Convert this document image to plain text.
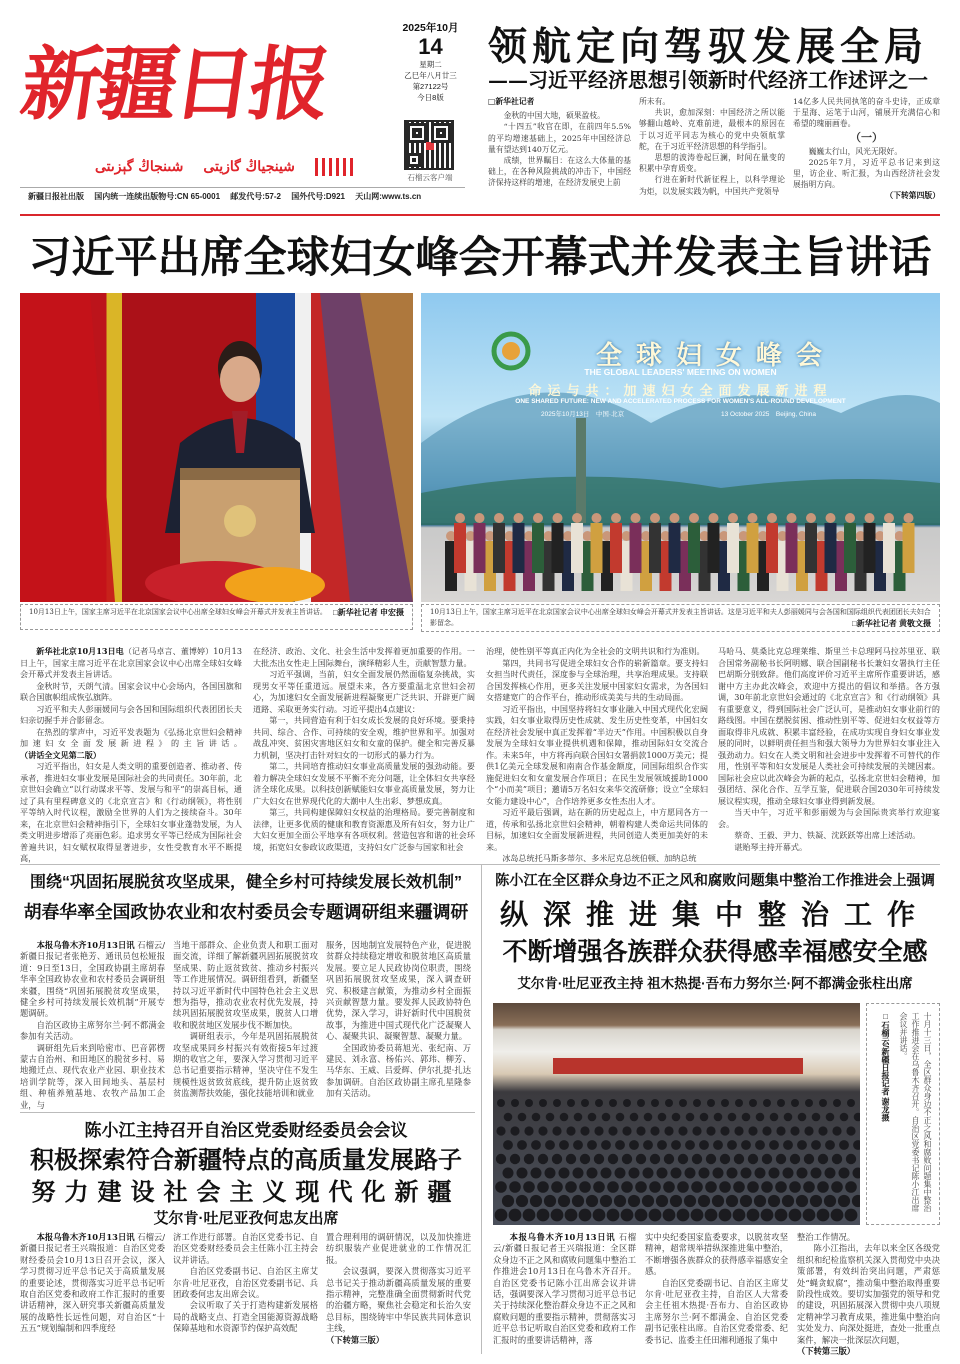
新疆日报
شىنجاڭ گېزىتى شينجياڭ گازيتى
2025年10月
14
星期二
乙巳年八月廿三
第27122号
今日8版
石榴云客户端
新疆日报社出版 国内统一连续出版物号:CN 65-0001 邮发代号:57-2 国外代号:D921 天山网:www.ts.cn
领航定向驾驭发展全局
——习近平经济思想引领新时代经济工作述评之一

□新华社记者

金秋的中国大地，硕果盈枝。

“十四五”收官在即，在前四年5.5%的平均增速基础上，2025年中国经济总量有望达到140万亿元。

成绩，世界瞩目：在这么大体量的基础上，在各种风险挑战的冲击下，中国经济保持这样的增速，在经济发展史上前

所未有。

共识，愈加深刻：中国经济之所以能够翻山越岭、克难前进，最根本的原因在于以习近平同志为核心的党中央领航掌舵，在于习近平经济思想的科学指引。

思想的波涛卷起巨澜，时间在量变的积累中孕育质变。

行进在新时代新征程上，以科学理论为炬，以发展实践为帆，中国共产党领导

14亿多人民共同执笔的奋斗史诗，正成章于星海、运笔于山河，铺展开充满信心和希望的瑰丽画卷。

（一）

巍巍太行山，风光无限好。

2025年7月，习近平总书记来到这里，访企业、听汇报，为山西经济社会发展指明方向。

（下转第四版）

习近平出席全球妇女峰会开幕式并发表主旨讲话
10月13日上午，国家主席习近平在北京国家会议中心出席全球妇女峰会开幕式并发表主旨讲话。 □新华社记者 申宏摄
全球妇女峰会
THE GLOBAL LEADERS' MEETING ON WOMEN
命运与共：加速妇女全面发展新进程
ONE SHARED FUTURE: NEW AND ACCELERATED PROCESS FOR WOMEN'S ALL-ROUND DEVELOPMENT
2025年10月13日　中国·北京	13 October 2025　Beijing, China
10月13日上午，国家主席习近平在北京国家会议中心出席全球妇女峰会开幕式并发表主旨讲话。这是习近平和夫人彭丽媛同与会各国和国际组织代表团团长夫妇合影留念。	□新华社记者 黄敬文摄

新华社北京10月13日电（记者马卓言、董博婷）10月13日上午，国家主席习近平在北京国家会议中心出席全球妇女峰会开幕式并发表主旨讲话。

金秋时节，天朗气清。国家会议中心会场内，各国国旗和联合国旗帜组成恢弘旗阵。

习近平和夫人彭丽媛同与会各国和国际组织代表团团长夫妇亲切握手并合影留念。

在热烈的掌声中，习近平发表题为《弘扬北京世妇会精神 加速妇女全面发展新进程》的主旨讲话。（讲话全文见第二版）

习近平指出，妇女是人类文明的重要创造者、推动者、传承者，推进妇女事业发展是国际社会的共同责任。30年前，北京世妇会确立“以行动谋求平等、发展与和平”的崇高目标，通过了具有里程碑意义的《北京宣言》和《行动纲领》，将性别平等纳入时代议程，激励全世界的人们为之接续奋斗。30年来，在北京世妇会精神指引下，全球妇女事业蓬勃发展，为人类文明进步增添了亮丽色彩。追求男女平等已经成为国际社会普遍共识，妇女赋权取得显著进步，女性受教育水平不断提高，

在经济、政治、文化、社会生活中发挥着更加重要的作用。一大批杰出女性走上国际舞台，演绎精彩人生，贡献智慧力量。

习近平强调，当前，妇女全面发展仍然面临复杂挑战，实现男女平等任重道远。展望未来，各方要重温北京世妇会初心，为加速妇女全面发展新进程凝聚更广泛共识、开辟更广阔道路、采取更务实行动。习近平提出4点建议：

第一，共同营造有利于妇女成长发展的良好环境。要秉持共同、综合、合作、可持续的安全观，维护世界和平。加强对战乱冲突、贫困灾害地区妇女和女童的保护。健全和完善反暴力机制，坚决打击针对妇女的一切形式的暴力行为。

第二，共同培育推动妇女事业高质量发展的强劲动能。要着力解决全球妇女发展不平衡不充分问题，让全体妇女共享经济全球化成果。以科技创新赋能妇女事业高质量发展，努力让广大妇女在世界现代化的大潮中人生出彩、梦想成真。

第三，共同构建保障妇女权益的治理格局。要完善制度和法律，让更多优质的健康和教育资源惠及所有妇女，努力让广大妇女更加全面公平地享有各项权利。营造包容和谐的社会环境，拓宽妇女参政议政渠道，支持妇女广泛参与国家和社会

治理，使性别平等真正内化为全社会的文明共识和行为准则。

第四，共同书写促进全球妇女合作的崭新篇章。要支持妇女担当时代责任，深度参与全球治理，共享治理成果。支持联合国发挥核心作用，更多关注发展中国家妇女需求，为各国妇女搭建宽广的合作平台，推动形成美美与共的生动局面。

习近平指出，中国坚持将妇女事业融入中国式现代化宏阔实践，妇女事业取得历史性成就、发生历史性变革，中国妇女在经济社会发展中真正发挥着“半边天”作用。中国积极以自身发展为全球妇女事业提供机遇和保障，推动国际妇女交流合作。未来5年，中方将再向联合国妇女署捐款1000万美元；提供1亿美元全球发展和南南合作基金额度，同国际组织合作实施促进妇女和女童发展合作项目；在民生发展领域援助1000个“小而美”项目；邀请5万名妇女来华交流研修；设立“全球妇女能力建设中心”，合作培养更多女性杰出人才。

习近平最后强调，站在新的历史起点上，中方愿同各方一道，传承和弘扬北京世妇会精神，朝着构建人类命运共同体的目标，加速妇女全面发展新进程，共同创造人类更加美好的未来。

冰岛总统托马斯多蒂尔、多米尼克总统伯顿、加纳总统

马哈马、莫桑比克总理莱维、斯里兰卡总理阿马拉苏里亚、联合国常务副秘书长阿明娜、联合国副秘书长兼妇女署执行主任巴胡斯分别致辞。他们高度评价习近平主席所作重要讲话，感谢中方主办此次峰会，欢迎中方提出的倡议和举措。各方强调，30年前北京世妇会通过的《北京宣言》和《行动纲领》具有重要意义，得到国际社会广泛认可，是推动妇女事业前行的路线图。中国在摆脱贫困、推动性别平等、促进妇女权益等方面取得非凡成就、积累丰富经验，在成功实现自身妇女事业发展的同时，以鲜明责任担当和强大领导力为世界妇女事业注入强劲动力。妇女在人类文明和社会进步中发挥着不可替代的作用，性别平等和妇女发展是人类社会可持续发展的关键因素。国际社会应以此次峰会为新的起点，弘扬北京世妇会精神，加强团结、深化合作、互学互鉴，促进联合国2030年可持续发展议程实现，推动全球妇女事业得到新发展。

当天中午，习近平和彭丽媛为与会国际贵宾举行欢迎宴会。

蔡奇、王毅、尹力、铁凝、沈跃跃等出席上述活动。

谌贻琴主持开幕式。

围绕“巩固拓展脱贫攻坚成果，健全乡村可持续发展长效机制”
胡春华率全国政协农业和农村委员会专题调研组来疆调研

本报乌鲁木齐10月13日讯 石榴云/新疆日报记者张艳芳、通讯员包松娅报道：9日至13日，全国政协副主席胡春华率全国政协农业和农村委员会调研组来疆，围绕“巩固拓展脱贫攻坚成果，健全乡村可持续发展长效机制”开展专题调研。

自治区政协主席努尔兰·阿不都满金参加有关活动。

调研组先后来到哈密市、巴音郭楞蒙古自治州、和田地区的脱贫乡村、易地搬迁点、现代农业产业园、职业技术培训学院等，深入田间地头、基层村组、种植养殖基地、农牧产品加工企业，与

当地干部群众、企业负责人和职工面对面交流，详细了解新疆巩固拓展脱贫攻坚成果、防止返贫致贫、推动乡村振兴等工作进展情况。调研组看到，新疆坚持以习近平新时代中国特色社会主义思想为指导，推动农业农村优先发展，持续巩固拓展脱贫攻坚成果，脱贫人口增收和脱贫地区发展步伐不断加快。

调研组表示，今年是巩固拓展脱贫攻坚成果同乡村振兴有效衔接5年过渡期的收官之年，要深入学习贯彻习近平总书记重要指示精神，坚决守住不发生规模性返贫致贫底线，提升防止返贫致贫监测帮扶效能，强化技能培训和就业

服务，因地制宜发展特色产业，促进脱贫群众持续稳定增收和脱贫地区高质量发展。要立足人民政协岗位职责，围绕巩固拓展脱贫攻坚成果，深入调查研究、积极建言献策，为推动乡村全面振兴贡献智慧力量。要发挥人民政协特色优势，深入学习，讲好新时代中国脱贫故事，为推进中国式现代化广泛凝聚人心、凝聚共识、凝聚智慧、凝聚力量。

全国政协委员蒋旭光、张纪南、万建民、刘永富、杨佑兴、郭玮、柳芳、马华东、王威、吕爱辉、伊尔扎提·扎达参加调研。自治区政协副主席孔星隆参加有关活动。

陈小江主持召开自治区党委财经委员会会议
积极探索符合新疆特点的高质量发展路子
努力建设社会主义现代化新疆
艾尔肯·吐尼亚孜何忠友出席

本报乌鲁木齐10月13日讯 石榴云/新疆日报记者王兴瑞报道：自治区党委财经委员会10月13日召开会议，深入学习贯彻习近平总书记关于高质量发展的重要论述，贯彻落实习近平总书记听取自治区党委和政府工作汇报时的重要讲话精神，深入研究事关新疆高质量发展的战略性长远性问题，对自治区“十五五”规划编制和四季度经

济工作进行部署。自治区党委书记、自治区党委财经委员会主任陈小江主持会议并讲话。

自治区党委副书记、自治区主席艾尔肯·吐尼亚孜，自治区党委副书记、兵团政委何忠友出席会议。

会议听取了关于打造构建新发展格局的战略支点、打造全国能源资源战略保障基地和水资源节约保护高效配

置合理利用的调研情况，以及加快推进纺织服装产业促进就业的工作情况汇报。

会议强调，要深入贯彻落实习近平总书记关于推动新疆高质量发展的重要指示精神，完整准确全面贯彻新时代党的治疆方略，聚焦社会稳定和长治久安总目标，围绕铸牢中华民族共同体意识主线，

（下转第三版）
陈小江在全区群众身边不正之风和腐败问题集中整治工作推进会上强调
纵深推进集中整治工作
不断增强各族群众获得感幸福感安全感
艾尔肯·吐尼亚孜主持 祖木热提·吾布力努尔兰·阿不都满金张柱出席
十月十三日，全区群众身边不正之风和腐败问题集中整治工作推进会在乌鲁木齐召开。自治区党委书记陈小江出席会议并讲话。
□石榴云/新疆日报记者 谢龙摄

本报乌鲁木齐10月13日讯 石榴云/新疆日报记者王兴瑞报道：全区群众身边不正之风和腐败问题集中整治工作推进会10月13日在乌鲁木齐召开。自治区党委书记陈小江出席会议并讲话，强调要深入学习贯彻习近平总书记关于持续深化整治群众身边不正之风和腐败问题的重要指示精神，贯彻落实习近平总书记听取自治区党委和政府工作汇报时的重要讲话精神，落

实中央纪委国家监委要求，以脱贫攻坚精神，超常规举措纵深推进集中整治，不断增强各族群众的获得感幸福感安全感。

自治区党委副书记、自治区主席艾尔肯·吐尼亚孜主持，自治区人大常委会主任祖木热提·吾布力、自治区政协主席努尔兰·阿不都满金、自治区党委副书记张柱出席。自治区党委常委、纪委书记、监委主任田湘利通报了集中

整治工作情况。

陈小江指出，去年以来全区各级党组织和纪检监察机关深入贯彻党中央决策部署，有效纠治突出问题，严肃惩处“蝇贪蚁腐”，推动集中整治取得重要阶段性成效。要切实加强党的领导和党的建设，巩固拓展深入贯彻中央八项规定精神学习教育成果，推进集中整治向实处发力、向深处挺进，查处一批重点案件，解决一批深层次问题，

（下转第三版）
